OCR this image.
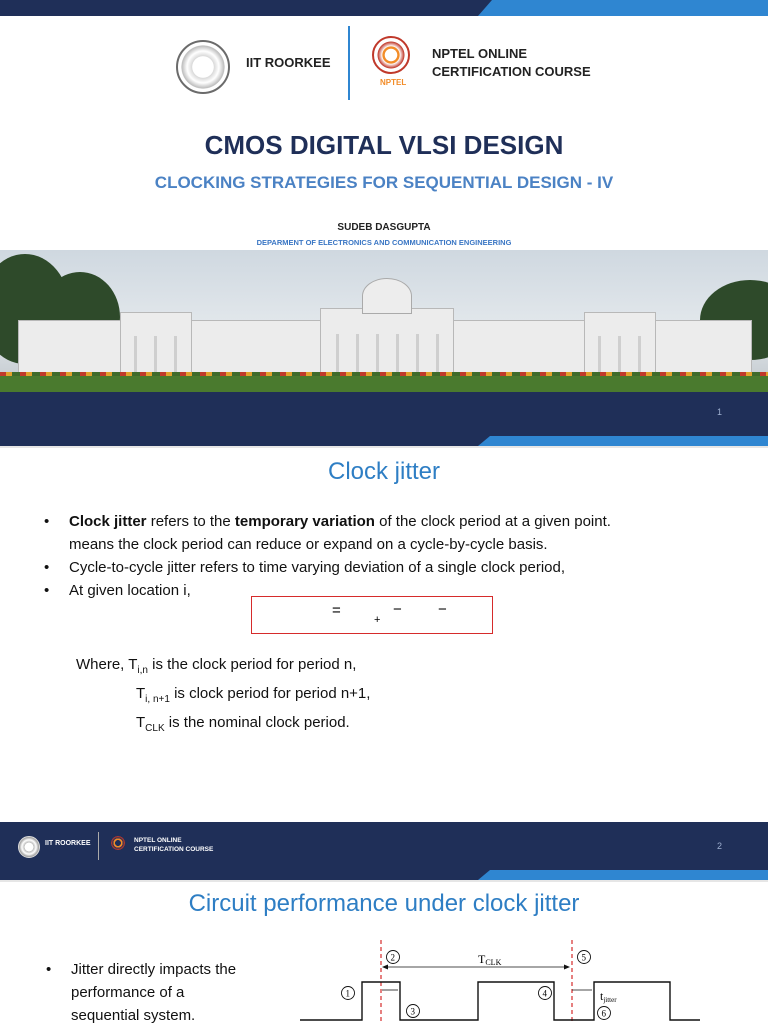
IIT ROORKEE
NPTEL
NPTEL ONLINE
CERTIFICATION COURSE
CMOS DIGITAL VLSI DESIGN
CLOCKING STRATEGIES FOR SEQUENTIAL DESIGN - IV
SUDEB DASGUPTA
DEPARMENT OF ELECTRONICS AND COMMUNICATION ENGINEERING
1
Clock jitter
• Clock jitter refers to the temporary variation of the clock period at a given point.
means the clock period can reduce or expand on a cycle-by-cycle basis.
• Cycle-to-cycle jitter refers to time varying deviation of a single clock period,
• At given location i,
=
+
− −
Where, $T_{i,n}$ is the clock period for period n,
$T_{i, n+1}$ is clock period for period n+1,
$T_{CLK}$ is the nominal clock period.
IIT ROORKEE	NPTEL ONLINE
CERTIFICATION COURSE	2
Circuit performance under clock jitter
• Jitter directly impacts the
performance of a
sequential system.
TCLK
tjitter
1
2
3
4
5
6
